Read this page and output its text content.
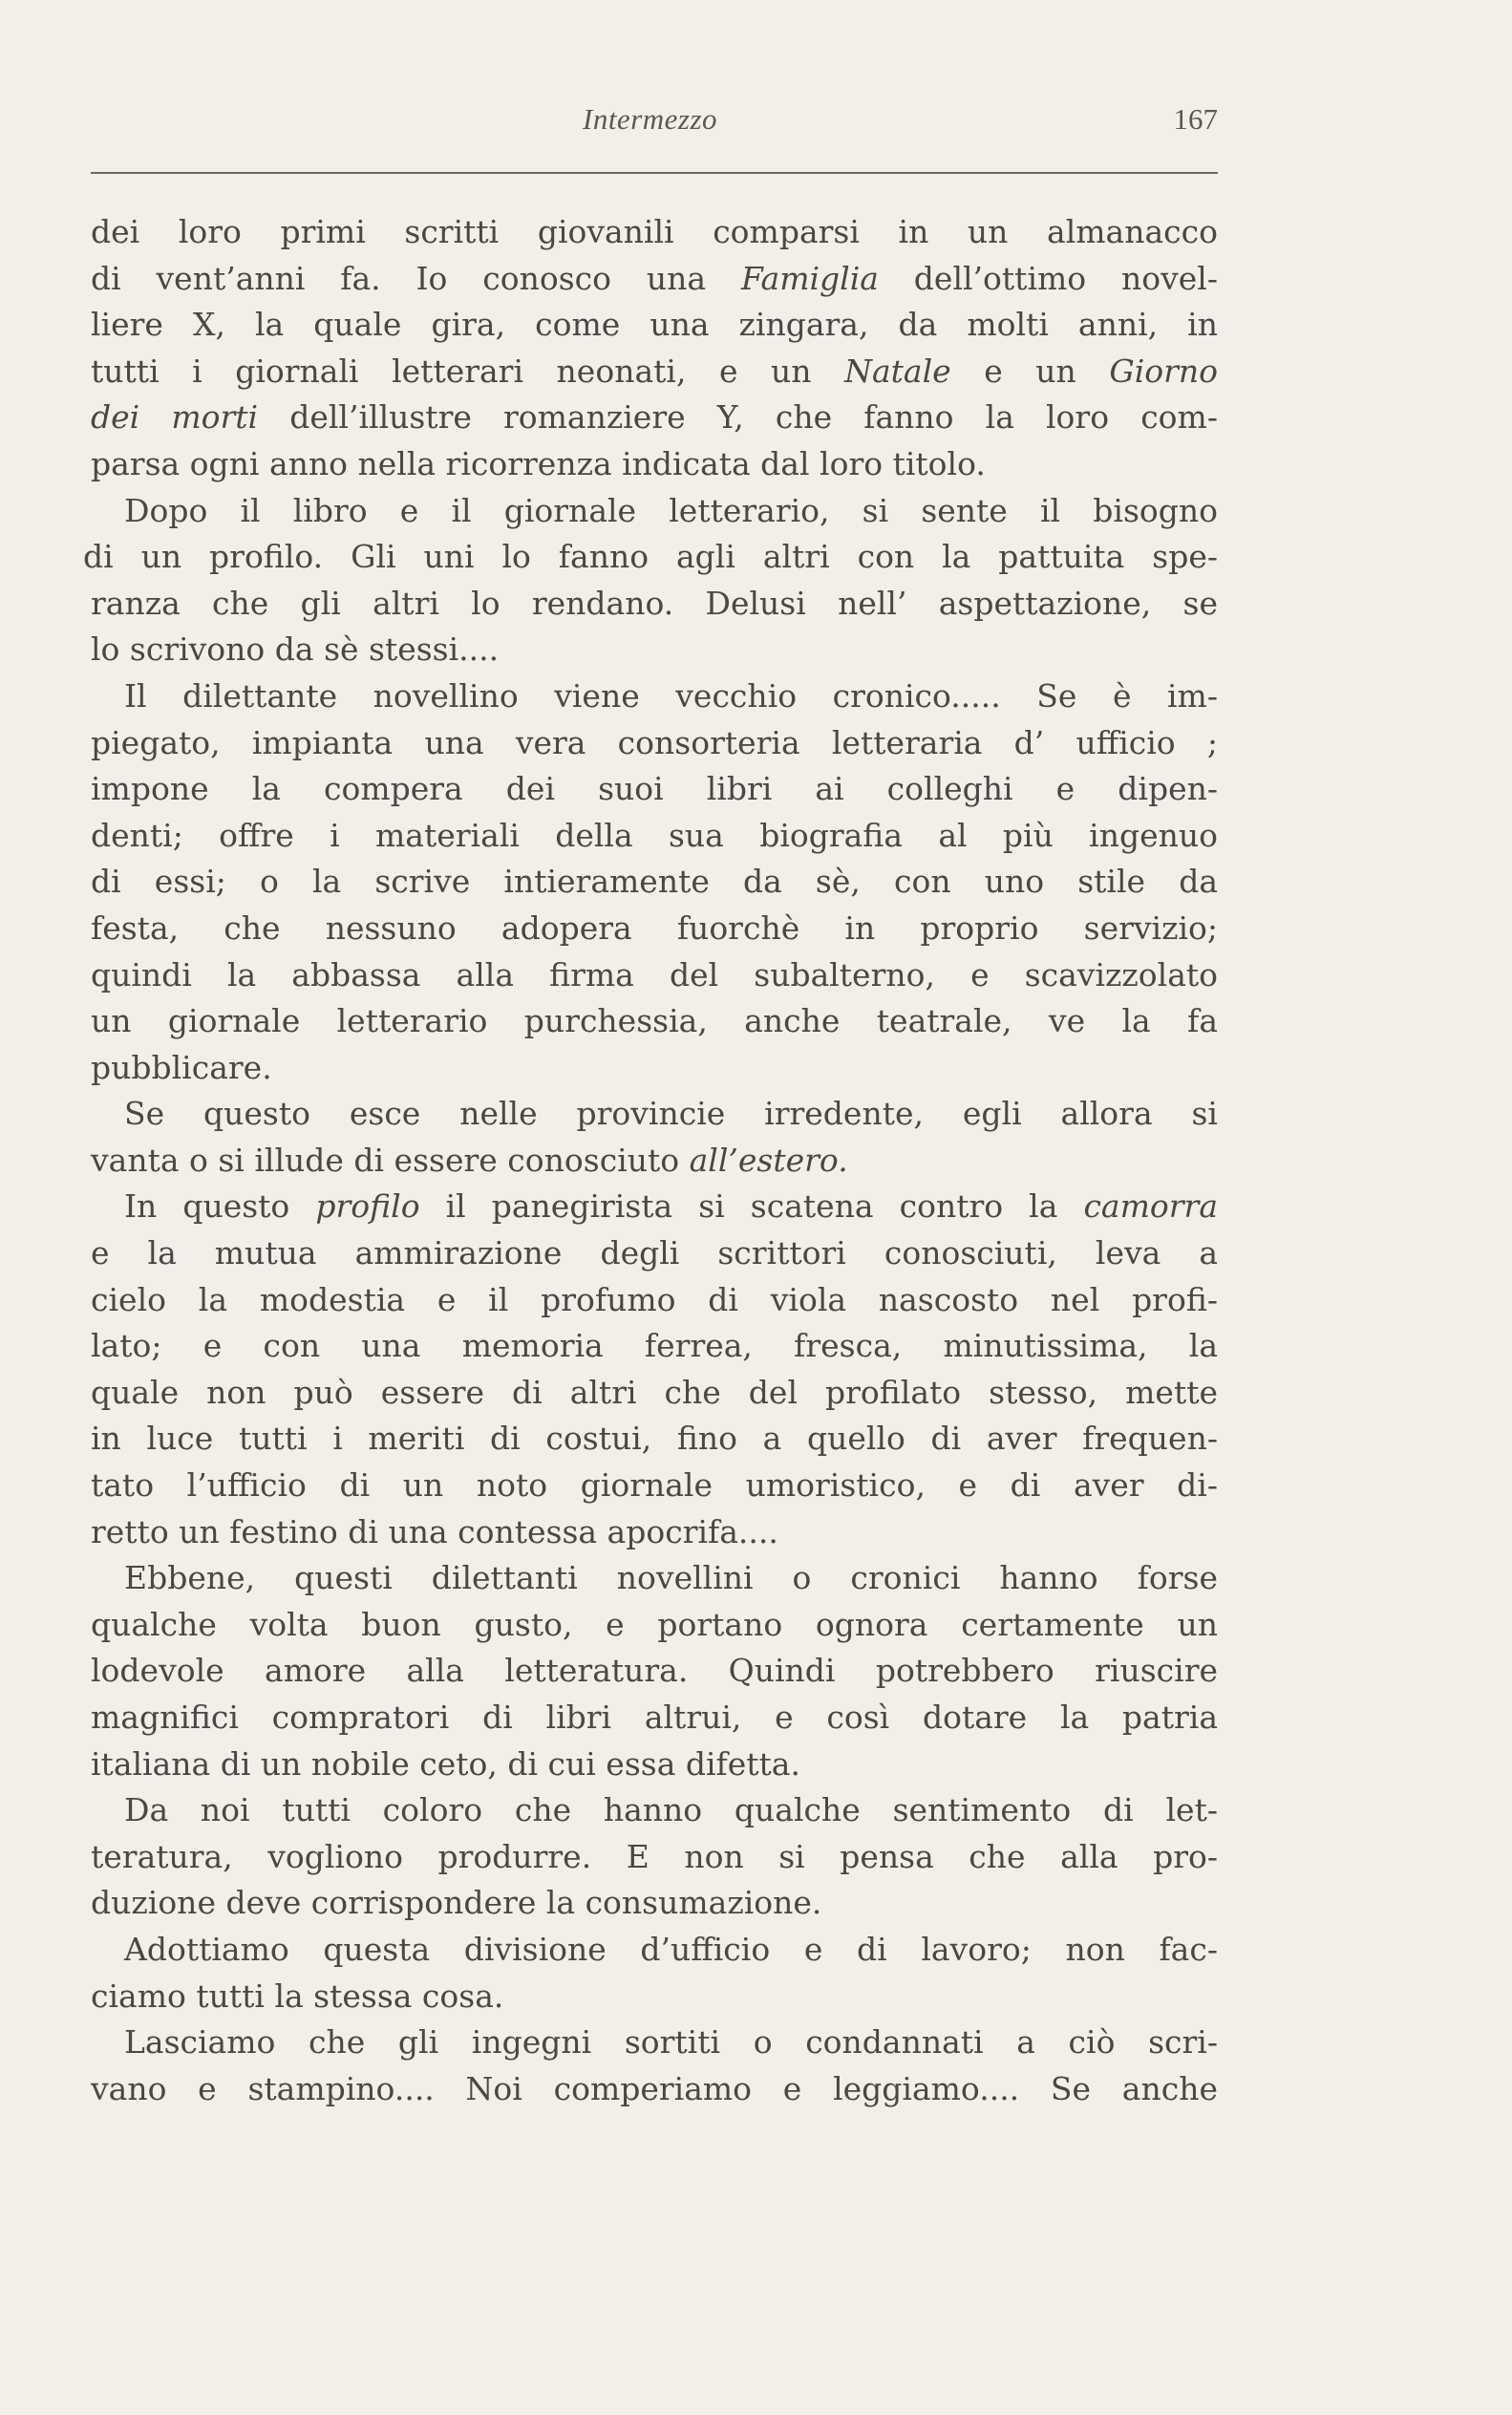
Intermezzo	167
dei loro primi scritti giovanili comparsi in un almanacco
di vent’anni fa. Io conosco una Famiglia dell’ottimo novel-
liere X, la quale gira, come una zingara, da molti anni, in
tutti i giornali letterari neonati, e un Natale e un Giorno
dei morti dell’illustre romanziere Y, che fanno la loro com-
parsa ogni anno nella ricorrenza indicata dal loro titolo.
Dopo il libro e il giornale letterario, si sente il bisogno
di un profilo. Gli uni lo fanno agli altri con la pattuita spe-
ranza che gli altri lo rendano. Delusi nell’ aspettazione, se
lo scrivono da sè stessi....
Il dilettante novellino viene vecchio cronico..... Se è im-
piegato, impianta una vera consorteria letteraria d’ ufficio ;
impone la compera dei suoi libri ai colleghi e dipen-
denti; offre i materiali della sua biografia al più ingenuo
di essi; o la scrive intieramente da sè, con uno stile da
festa, che nessuno adopera fuorchè in proprio servizio;
quindi la abbassa alla firma del subalterno, e scavizzolato
un giornale letterario purchessia, anche teatrale, ve la fa
pubblicare.
Se questo esce nelle provincie irredente, egli allora si
vanta o si illude di essere conosciuto all’estero.
In questo profilo il panegirista si scatena contro la camorra
e la mutua ammirazione degli scrittori conosciuti, leva a
cielo la modestia e il profumo di viola nascosto nel profi-
lato; e con una memoria ferrea, fresca, minutissima, la
quale non può essere di altri che del profilato stesso, mette
in luce tutti i meriti di costui, fino a quello di aver frequen-
tato l’ufficio di un noto giornale umoristico, e di aver di-
retto un festino di una contessa apocrifa....
Ebbene, questi dilettanti novellini o cronici hanno forse
qualche volta buon gusto, e portano ognora certamente un
lodevole amore alla letteratura. Quindi potrebbero riuscire
magnifici compratori di libri altrui, e così dotare la patria
italiana di un nobile ceto, di cui essa difetta.
Da noi tutti coloro che hanno qualche sentimento di let-
teratura, vogliono produrre. E non si pensa che alla pro-
duzione deve corrispondere la consumazione.
Adottiamo questa divisione d’ufficio e di lavoro; non fac-
ciamo tutti la stessa cosa.
Lasciamo che gli ingegni sortiti o condannati a ciò scri-
vano e stampino.... Noi comperiamo e leggiamo.... Se anche
